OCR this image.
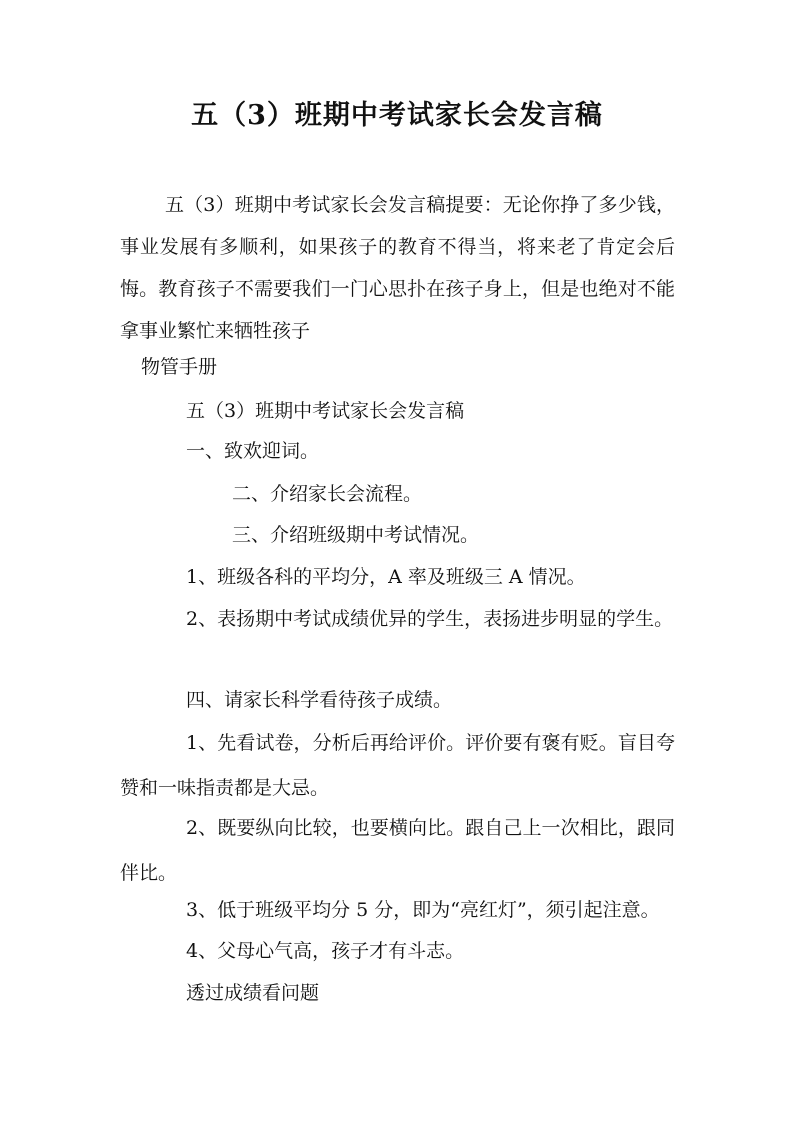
五（3）班期中考试家长会发言稿

五（3）班期中考试家长会发言稿提要：无论你挣了多少钱，事业发展有多顺利，如果孩子的教育不得当，将来老了肯定会后悔。教育孩子不需要我们一门心思扑在孩子身上，但是也绝对不能拿事业繁忙来牺牲孩子

物管手册

五（3）班期中考试家长会发言稿

一、致欢迎词。

二、介绍家长会流程。

三、介绍班级期中考试情况。

1、班级各科的平均分，A 率及班级三 A 情况。

2、表扬期中考试成绩优异的学生，表扬进步明显的学生。

四、请家长科学看待孩子成绩。

1、先看试卷，分析后再给评价。评价要有褒有贬。盲目夸赞和一味指责都是大忌。

2、既要纵向比较，也要横向比。跟自己上一次相比，跟同伴比。

3、低于班级平均分 5 分，即为“亮红灯”，须引起注意。

4、父母心气高，孩子才有斗志。

透过成绩看问题
